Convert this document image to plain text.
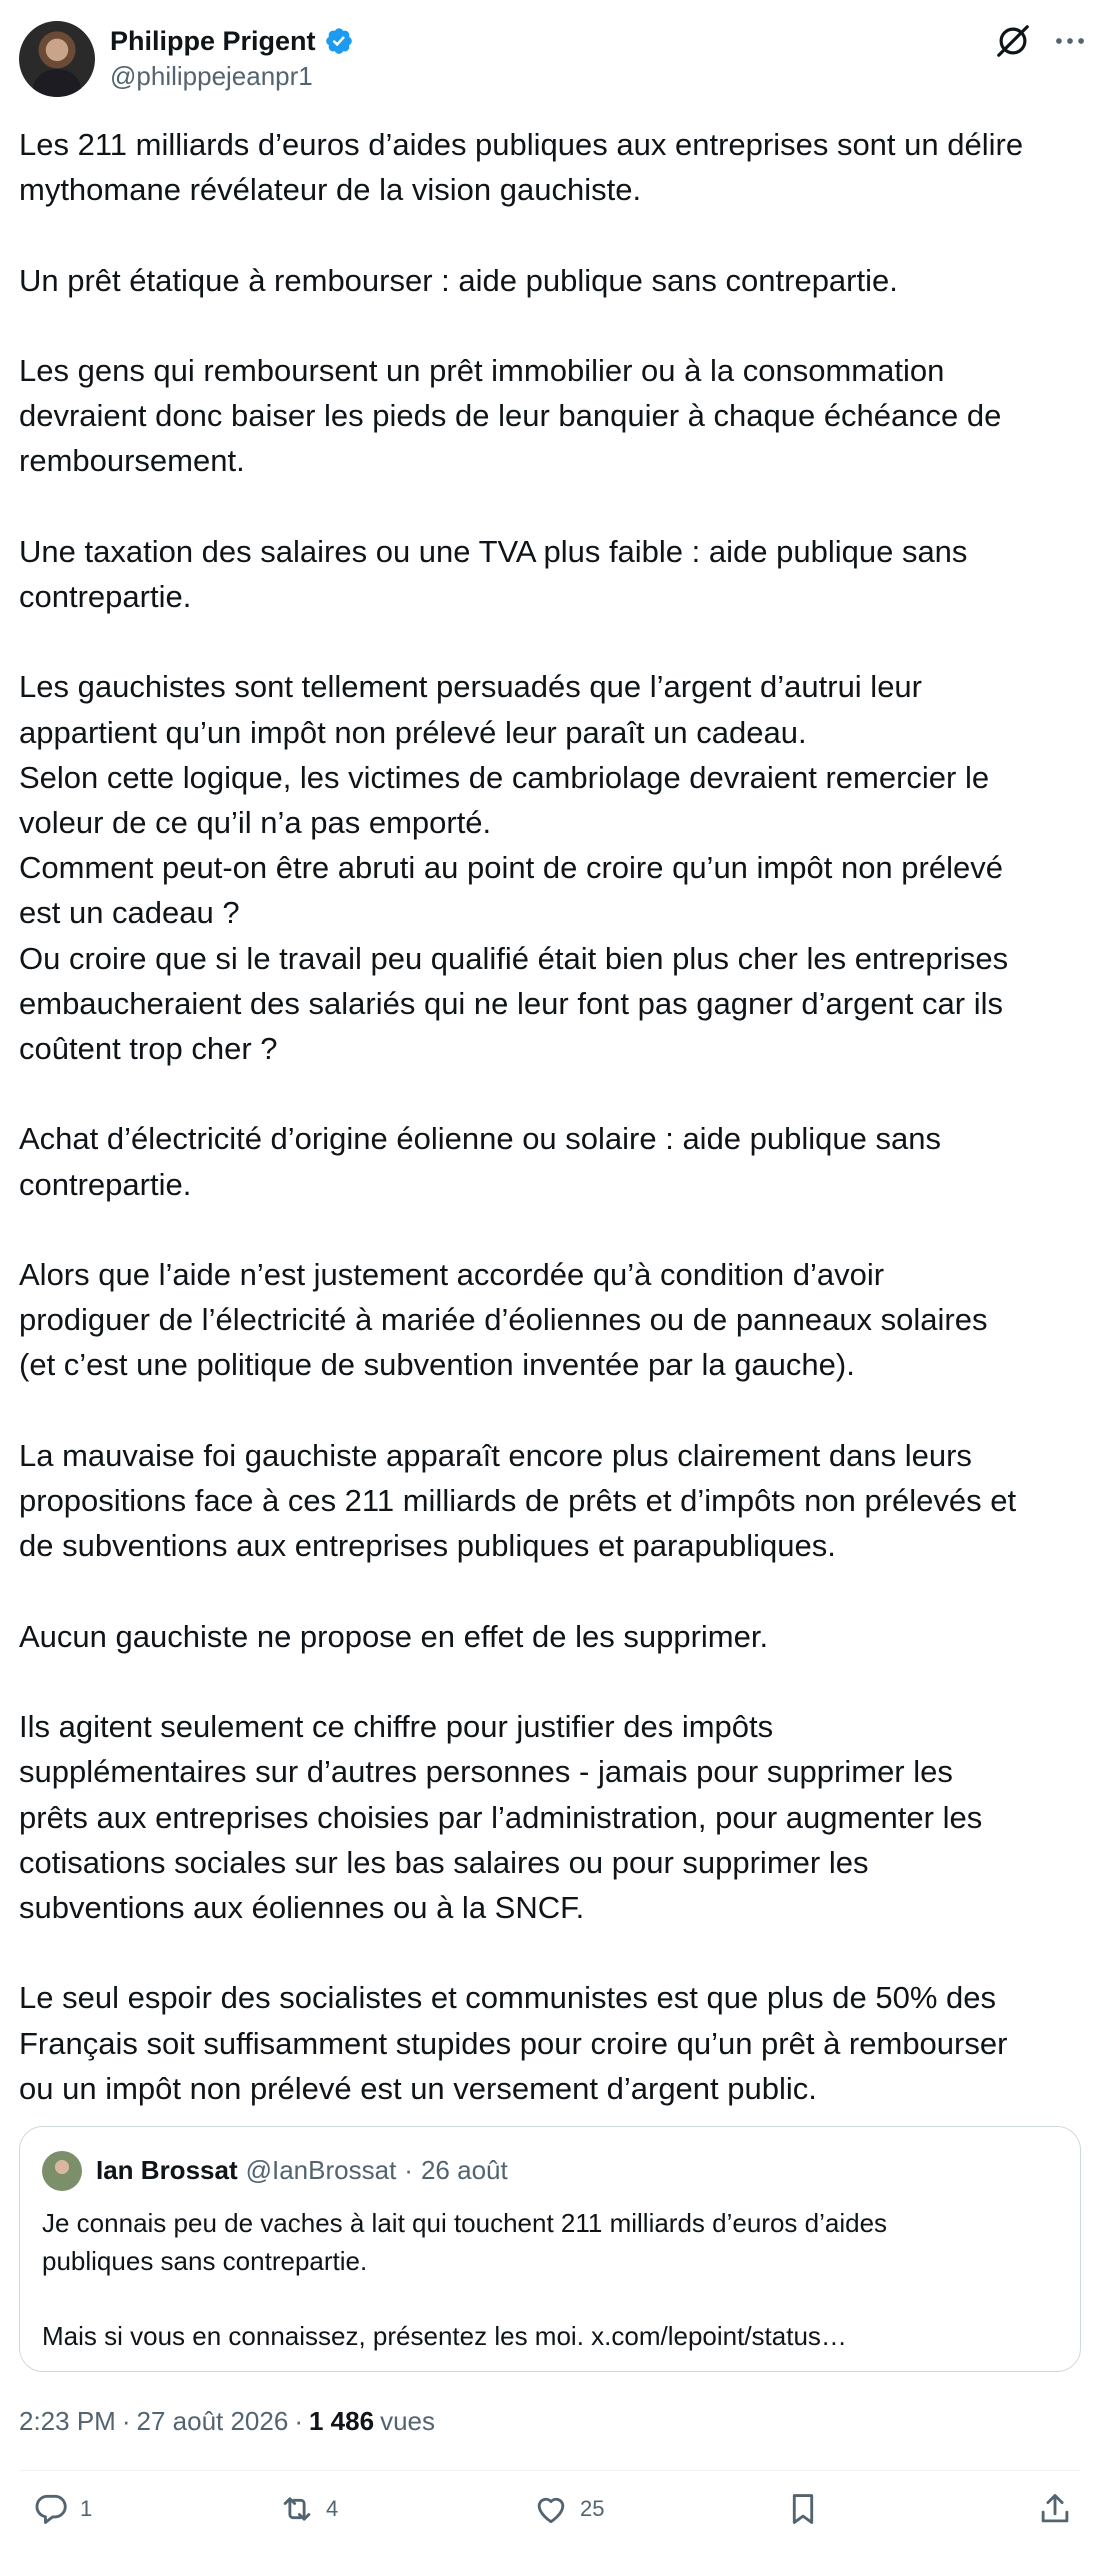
Philippe Prigent
@philippejeanpr1
Les 211 milliards d’euros d’aides publiques aux entreprises sont un délire
mythomane révélateur de la vision gauchiste.

Un prêt étatique à rembourser : aide publique sans contrepartie.

Les gens qui remboursent un prêt immobilier ou à la consommation
devraient donc baiser les pieds de leur banquier à chaque échéance de
remboursement.

Une taxation des salaires ou une TVA plus faible : aide publique sans
contrepartie.

Les gauchistes sont tellement persuadés que l’argent d’autrui leur
appartient qu’un impôt non prélevé leur paraît un cadeau.
Selon cette logique, les victimes de cambriolage devraient remercier le
voleur de ce qu’il n’a pas emporté.
Comment peut-on être abruti au point de croire qu’un impôt non prélevé
est un cadeau ?
Ou croire que si le travail peu qualifié était bien plus cher les entreprises
embaucheraient des salariés qui ne leur font pas gagner d’argent car ils
coûtent trop cher ?

Achat d’électricité d’origine éolienne ou solaire : aide publique sans
contrepartie.

Alors que l’aide n’est justement accordée qu’à condition d’avoir
prodiguer de l’électricité à mariée d’éoliennes ou de panneaux solaires
(et c’est une politique de subvention inventée par la gauche).

La mauvaise foi gauchiste apparaît encore plus clairement dans leurs
propositions face à ces 211 milliards de prêts et d’impôts non prélevés et
de subventions aux entreprises publiques et parapubliques.

Aucun gauchiste ne propose en effet de les supprimer.

Ils agitent seulement ce chiffre pour justifier des impôts
supplémentaires sur d’autres personnes - jamais pour supprimer les
prêts aux entreprises choisies par l’administration, pour augmenter les
cotisations sociales sur les bas salaires ou pour supprimer les
subventions aux éoliennes ou à la SNCF.

Le seul espoir des socialistes et communistes est que plus de 50% des
Français soit suffisamment stupides pour croire qu’un prêt à rembourser
ou un impôt non prélevé est un versement d’argent public.
Ian Brossat @IanBrossat · 26 août
Je connais peu de vaches à lait qui touchent 211 milliards d’euros d’aides
publiques sans contrepartie.

Mais si vous en connaissez, présentez les moi. x.com/lepoint/status…
2:23 PM · 27 août 2026 · 1 486 vues
1	4	25
